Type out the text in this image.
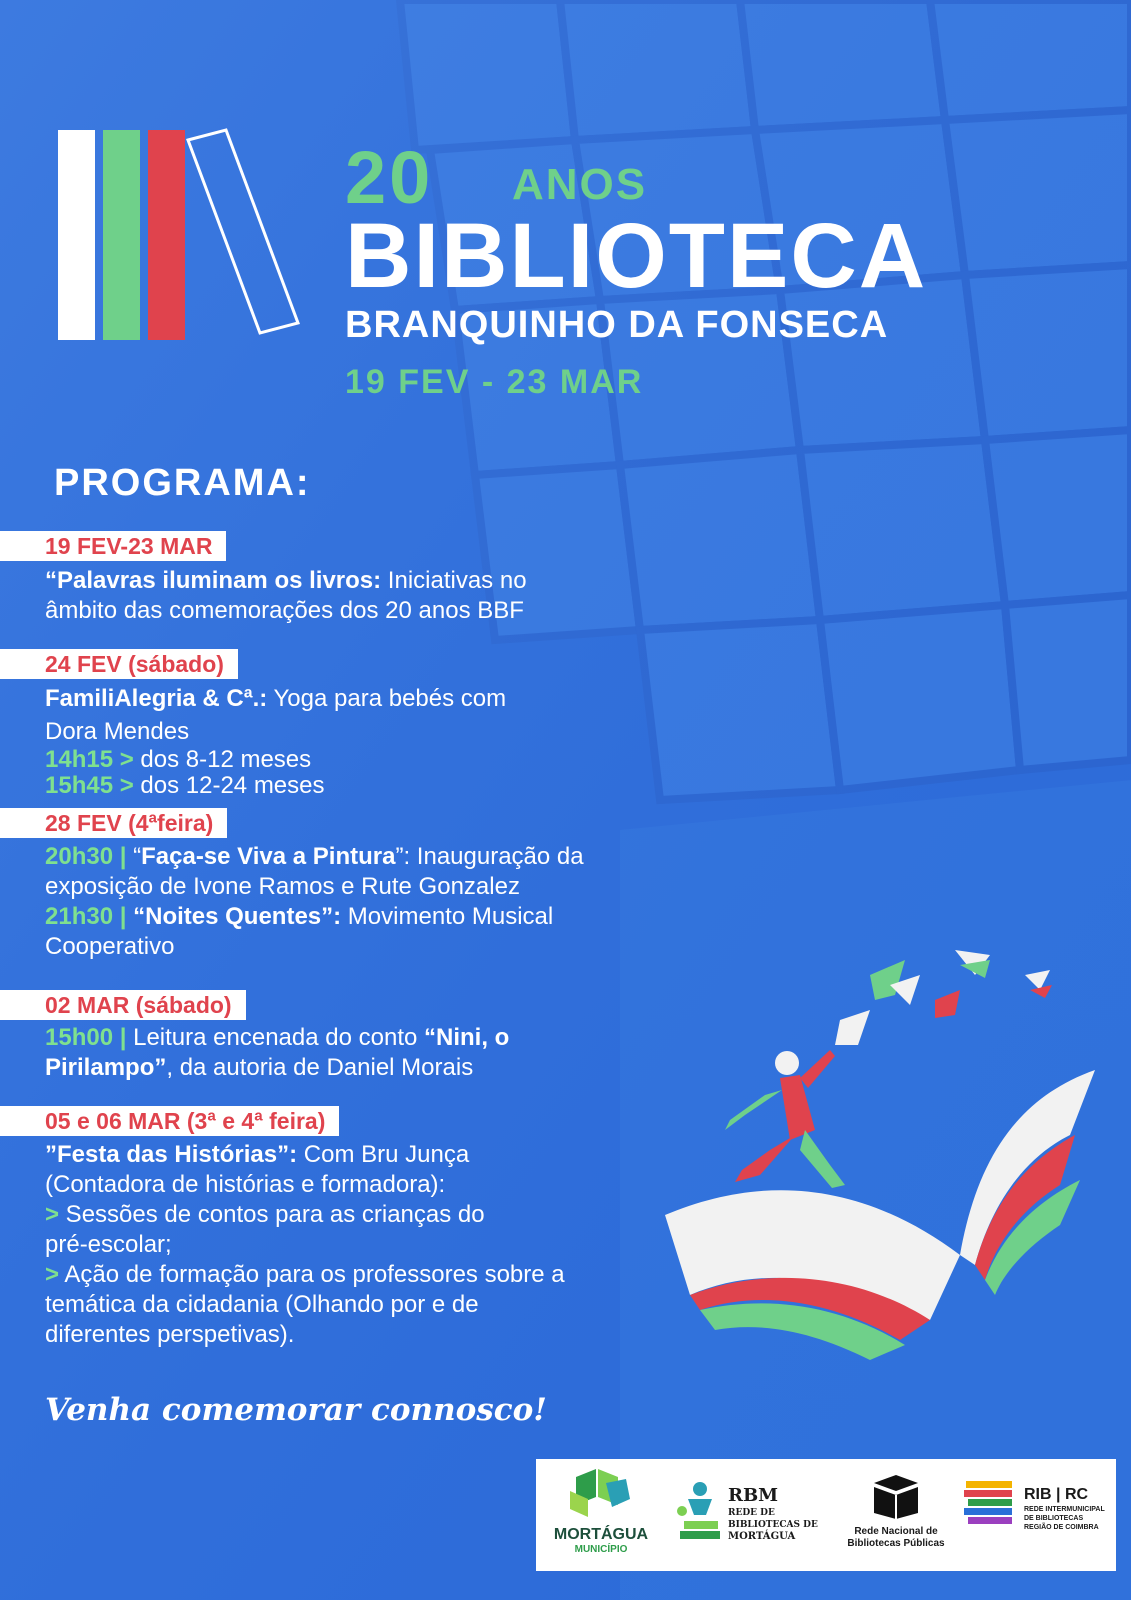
20 ANOS
BIBLIOTECA
BRANQUINHO DA FONSECA
19 FEV - 23 MAR
PROGRAMA:
19 FEV-23 MAR
“Palavras iluminam os livros: Iniciativas no
âmbito das comemorações dos 20 anos BBF
24 FEV (sábado)
FamiliAlegria & Cª.: Yoga para bebés com
Dora Mendes
14h15 > dos 8-12 meses
15h45 > dos 12-24 meses
28 FEV (4ªfeira)
20h30 | “Faça-se Viva a Pintura”: Inauguração da
exposição de Ivone Ramos e Rute Gonzalez
21h30 | “Noites Quentes”: Movimento Musical
Cooperativo
02 MAR (sábado)
15h00 | Leitura encenada do conto “Nini, o
Pirilampo”, da autoria de Daniel Morais
05 e 06 MAR (3ª e 4ª feira)
”Festa das Histórias”: Com Bru Junça
(Contadora de histórias e formadora):
> Sessões de contos para as crianças do
pré-escolar;
> Ação de formação para os professores sobre a
temática da cidadania (Olhando por e de
diferentes perspetivas).
Venha comemorar connosco!
MORTÁGUA
MUNICÍPIO
RBM
REDE DE
BIBLIOTECAS DE
MORTÁGUA	Rede Nacional de
Bibliotecas Públicas
RIB | RC
REDE INTERMUNICIPAL
DE BIBLIOTECAS
REGIÃO DE COIMBRA
